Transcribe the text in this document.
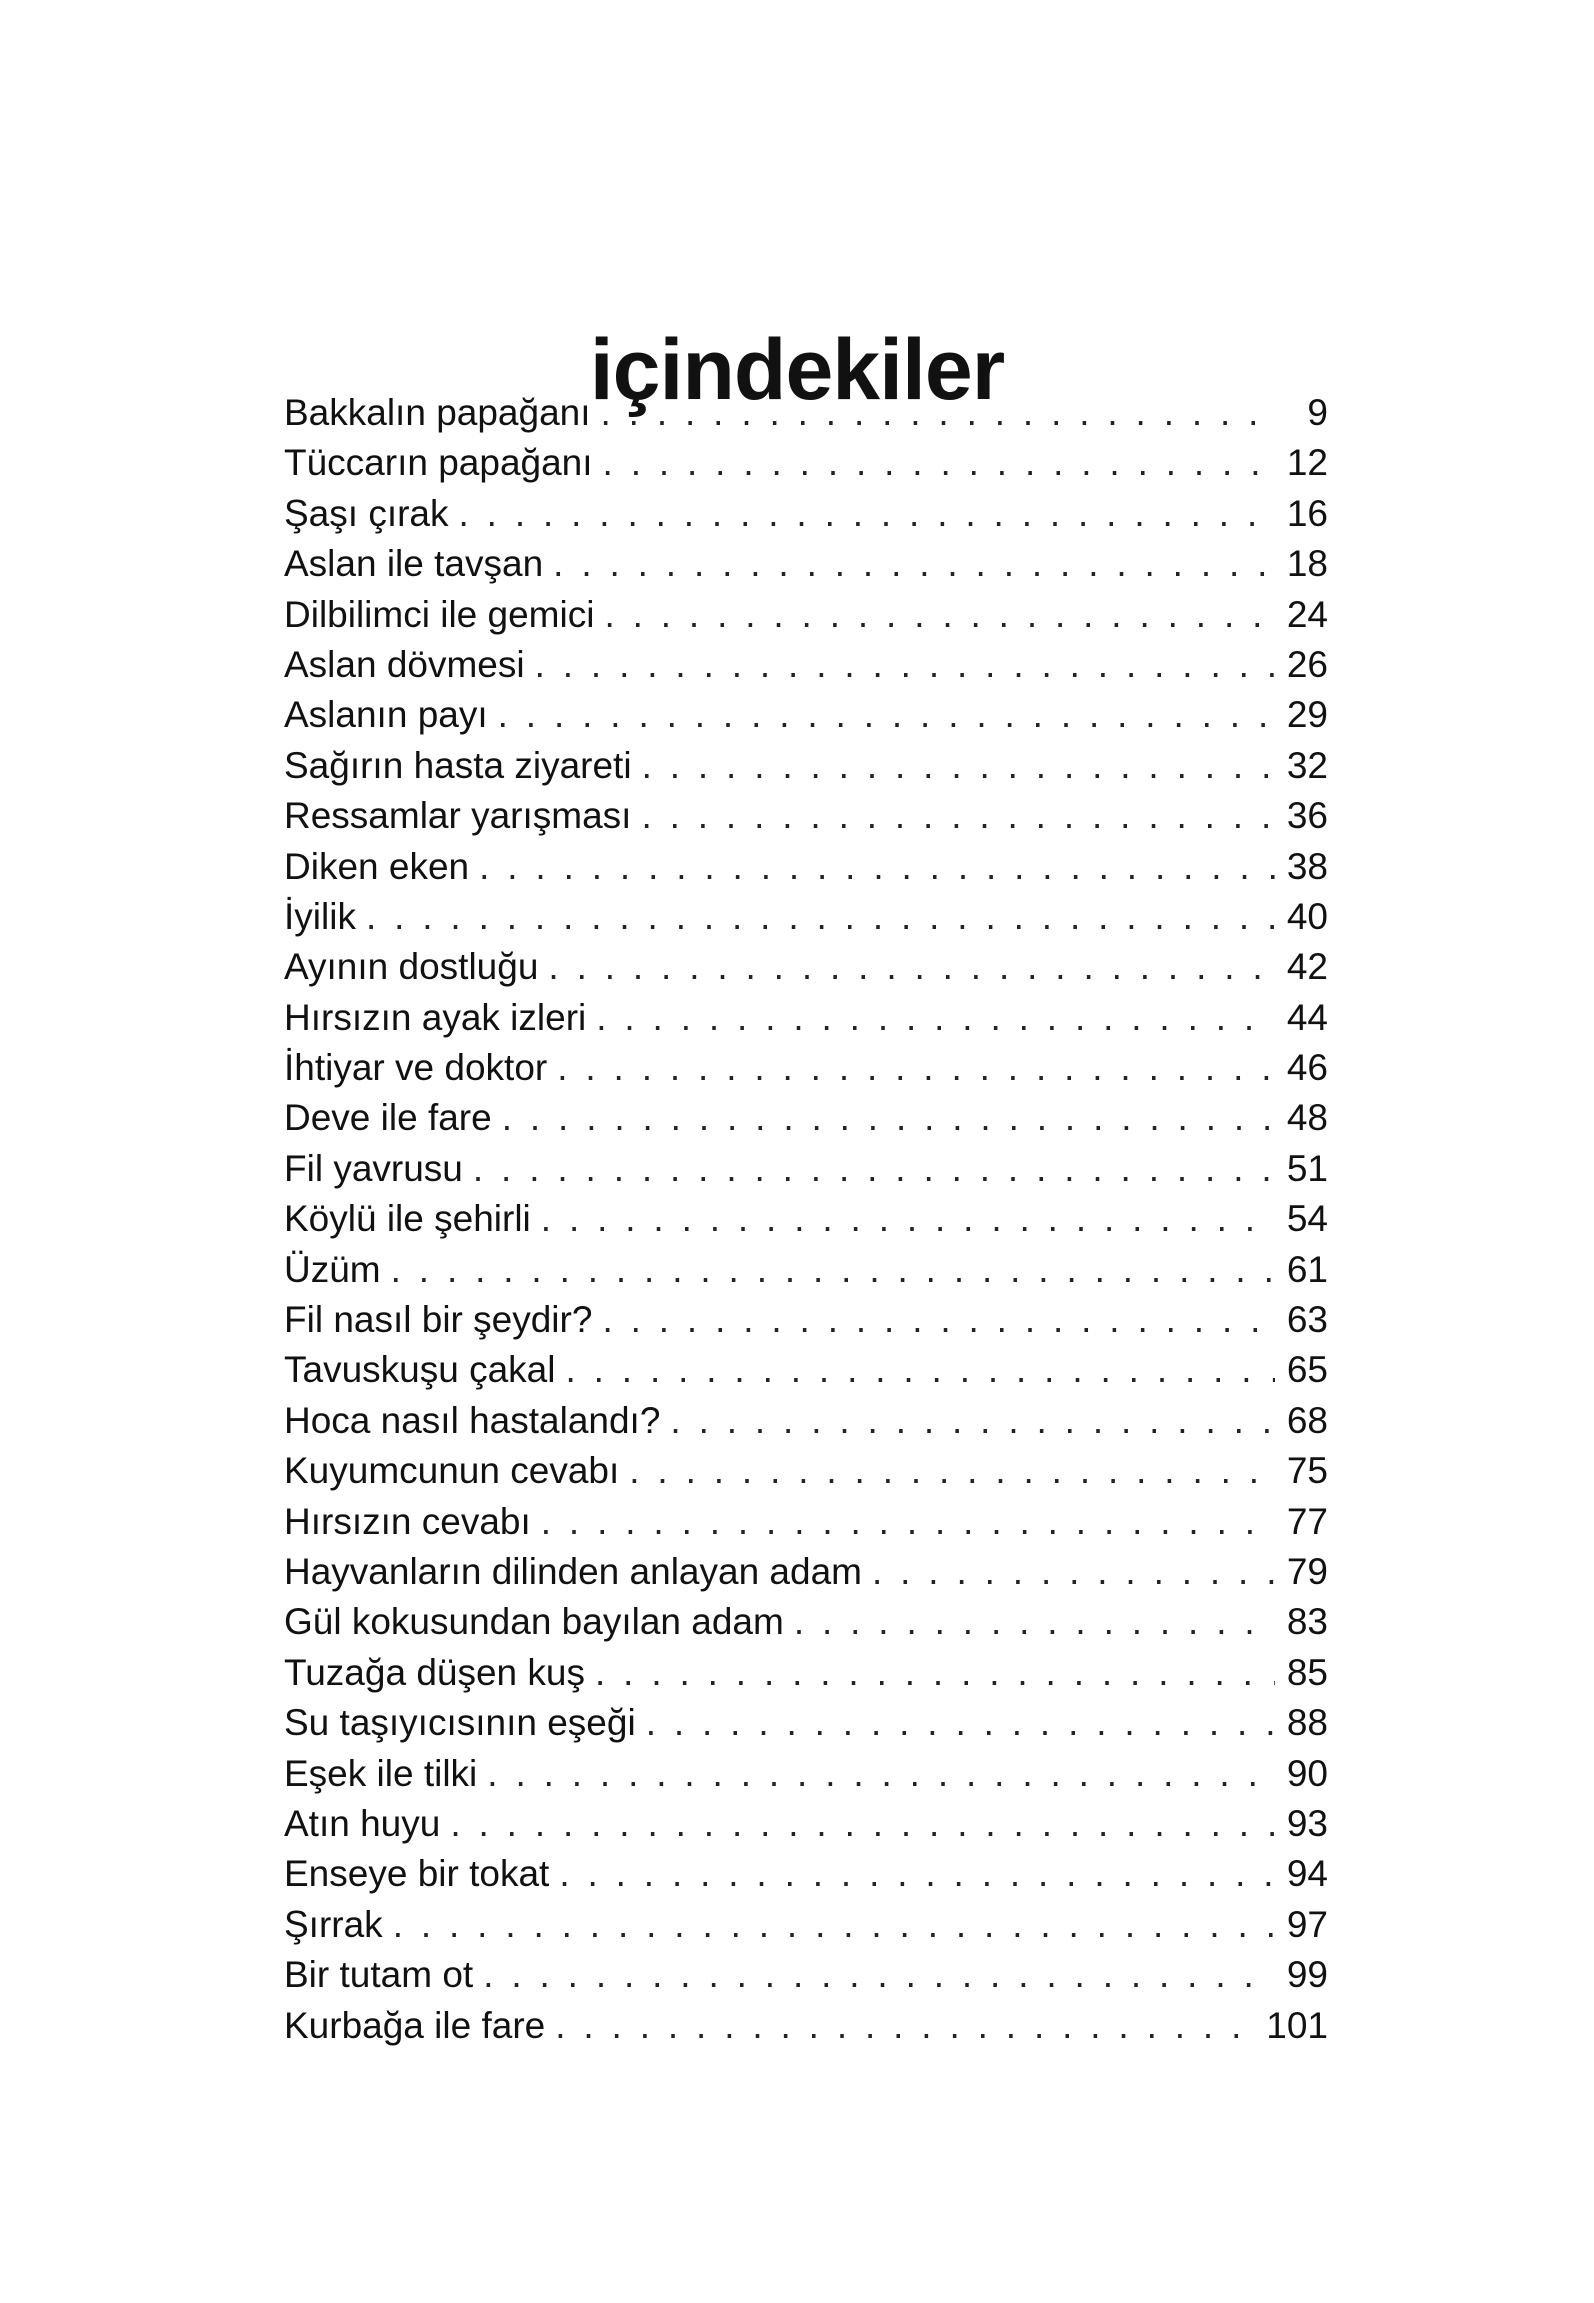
içindekiler
Bakkalın papağanı . . .	9
Tüccarın papağanı . . .	12
Şaşı çırak . . .	16
Aslan ile tavşan . . .	18
Dilbilimci ile gemici . . .	24
Aslan dövmesi . . .	26
Aslanın payı . . .	29
Sağırın hasta ziyareti . . .	32
Ressamlar yarışması . . .	36
Diken eken . . .	38
İyilik . . .	40
Ayının dostluğu . . .	42
Hırsızın ayak izleri . . .	44
İhtiyar ve doktor . . .	46
Deve ile fare . . .	48
Fil yavrusu . . .	51
Köylü ile şehirli . . .	54
Üzüm . . .	61
Fil nasıl bir şeydir? . . .	63
Tavuskuşu çakal . . .	65
Hoca nasıl hastalandı? . . .	68
Kuyumcunun cevabı . . .	75
Hırsızın cevabı . . .	77
Hayvanların dilinden anlayan adam . . .	79
Gül kokusundan bayılan adam . . .	83
Tuzağa düşen kuş . . .	85
Su taşıyıcısının eşeği . . .	88
Eşek ile tilki . . .	90
Atın huyu . . .	93
Enseye bir tokat . . .	94
Şırrak . . .	97
Bir tutam ot . . .	99
Kurbağa ile fare . . .	101
